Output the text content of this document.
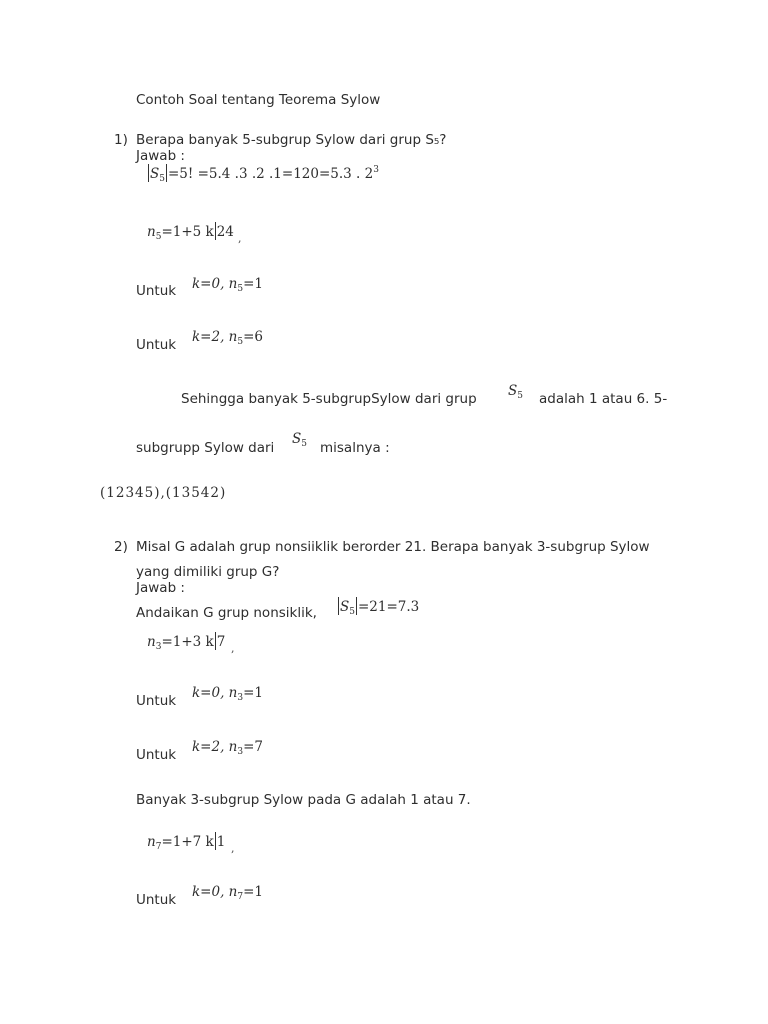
Contoh Soal tentang Teorema Sylow
1) Berapa banyak 5-subgrup Sylow dari grup S₅?
Jawab :
$S_5 =5$! =5.4 .3 .2 .1=120=5.3 . $2^3$
$n_5=1+5$ k 24 ,
Untuk k=0, $n_5=1$
Untuk k=2, $n_5=6$
Sehingga banyak 5-subgrupSylow dari grup $S_5$ adalah 1 atau 6. 5-
subgrupp Sylow dari
$S_5$ misalnya :
(12345),(13542)
2) Misal G adalah grup nonsiiklik berorder 21. Berapa banyak 3-subgrup Sylow
yang dimiliki grup G?
Jawab :
Andaikan G grup nonsiklik, $S_5 =21=7.3$
$n_3=1+3$ k 7 ,
Untuk k=0, $n_3=1$
Untuk k=2, $n_3=7$
Banyak 3-subgrup Sylow pada G adalah 1 atau 7.
$n_7=1+7$ k 1 ,
Untuk k=0, $n_7=1$
